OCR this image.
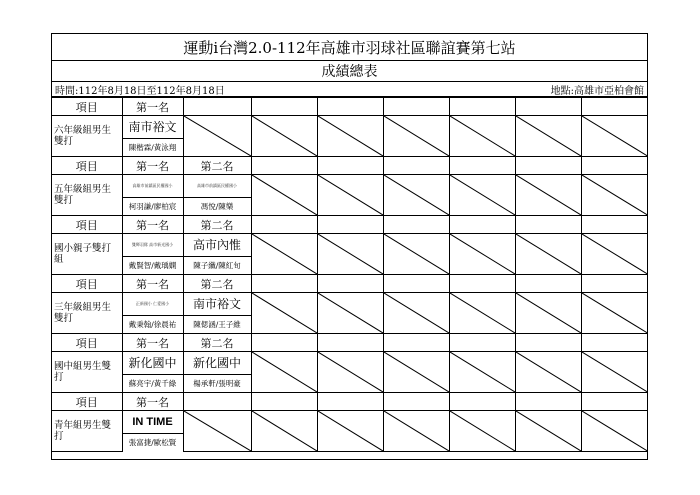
運動i台灣2.0-112年高雄市羽球社區聯誼賽第七站
成績總表
時間:112年8月18日至112年8月18日	地點:高雄市亞柏會館
項目	第一名							
六年級組男生雙打	南市裕文	

	陳楷霖/黃泳翔							
項目	第一名	第二名						
五年級組男生雙打	高雄市前鎮區民權國小	高雄市前鎮區民權國小	

	柯羽謙/廖柏宸	馮悅/陳樂						
項目	第一名	第二名						
國小親子雙打組	雙輝羽隊 高市新光國小	高市內惟	

	戴賢智/戴瑀嫻	陳子纖/陳紅旬						
項目	第一名	第二名						
三年級組男生雙打	正新國小 仁愛國小	南市裕文	

	戴秉翰/徐晨祐	陳偲涵/王子維						
項目	第一名	第二名						
國中組男生雙打	新化國中	新化國中	

	蘇亮宇/黃千綠	楊承軒/張明豪						
項目	第一名							
青年組男生雙打	IN TIME	

	張富捷/歐松賢							
